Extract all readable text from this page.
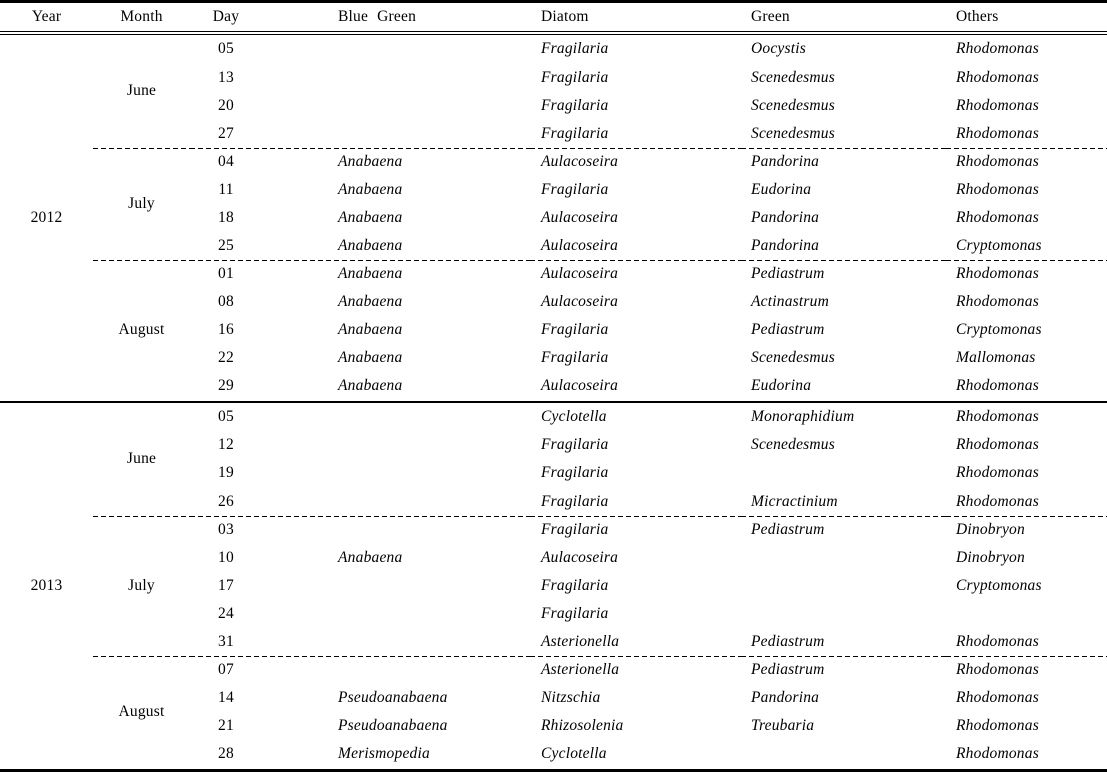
Year	Month	Day	Blue Green	Diatom	Green	Others
2012	June	05		Fragilaria	Oocystis	Rhodomonas
		13		Fragilaria	Scenedesmus	Rhodomonas
		20		Fragilaria	Scenedesmus	Rhodomonas
		27		Fragilaria	Scenedesmus	Rhodomonas
	July	04	Anabaena	Aulacoseira	Pandorina	Rhodomonas
		11	Anabaena	Fragilaria	Eudorina	Rhodomonas
		18	Anabaena	Aulacoseira	Pandorina	Rhodomonas
		25	Anabaena	Aulacoseira	Pandorina	Cryptomonas
	August	01	Anabaena	Aulacoseira	Pediastrum	Rhodomonas
		08	Anabaena	Aulacoseira	Actinastrum	Rhodomonas
		16	Anabaena	Fragilaria	Pediastrum	Cryptomonas
		22	Anabaena	Fragilaria	Scenedesmus	Mallomonas
		29	Anabaena	Aulacoseira	Eudorina	Rhodomonas
2013	June	05		Cyclotella	Monoraphidium	Rhodomonas
		12		Fragilaria	Scenedesmus	Rhodomonas
		19		Fragilaria		Rhodomonas
		26		Fragilaria	Micractinium	Rhodomonas
	July	03		Fragilaria	Pediastrum	Dinobryon
		10	Anabaena	Aulacoseira		Dinobryon
		17		Fragilaria		Cryptomonas
		24		Fragilaria		
		31		Asterionella	Pediastrum	Rhodomonas
	August	07		Asterionella	Pediastrum	Rhodomonas
		14	Pseudoanabaena	Nitzschia	Pandorina	Rhodomonas
		21	Pseudoanabaena	Rhizosolenia	Treubaria	Rhodomonas
		28	Merismopedia	Cyclotella		Rhodomonas
